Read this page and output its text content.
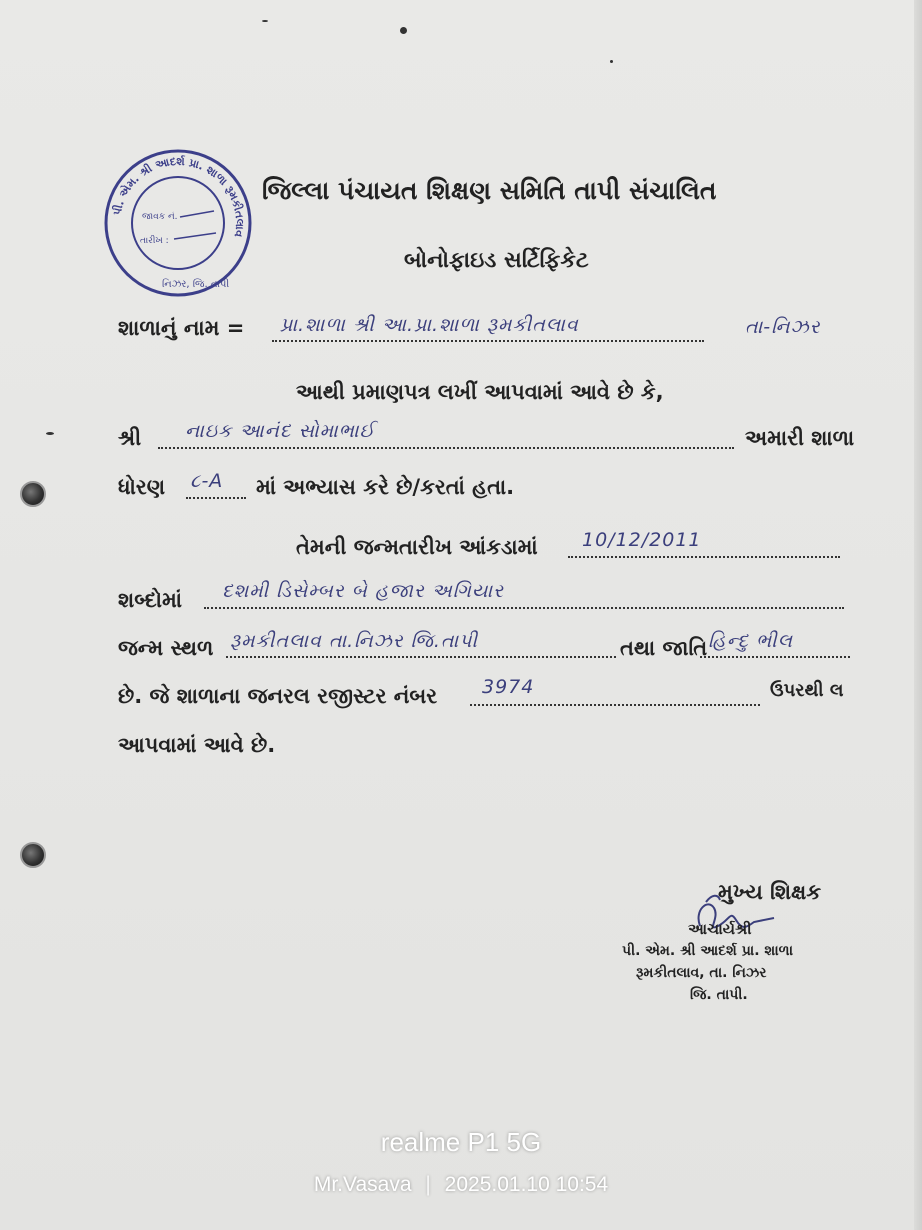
પી. એમ. શ્રી આદર્શ પ્રા. શાળા રૂમકીતલાવ
જાવક નં.
તારીખ :
નિઝર, જિ. તાપી
જિલ્લા પંચાયત શિક્ષણ સમિતિ તાપી સંચાલિત
બોનોફાઇડ સર્ટિફિકેટ
શાળાનું નામ = પ્રા.શાળા શ્રી આ.પ્રા.શાળા રૂમકીતલાવ	તા-નિઝર
આથી પ્રમાણપત્ર લખીં આપવામાં આવે છે કે,
શ્રી નાઇક આનંદ સોમાભાઈ	અમારી શાળા
ધોરણ ૮-A માં અભ્યાસ કરે છે/કરતાં હતા.
તેમની જન્મતારીખ આંકડામાં 10/12/2011
શબ્દોમાં દશમી ડિસેમ્બર બે હજાર અગિયાર
જન્મ સ્થળ રૂમકીતલાવ તા.નિઝર જિ.તાપી	તથા જાતિ હિન્દુ ભીલ
છે. જે શાળાના જનરલ રજીસ્ટર નંબર 3974	ઉપરથી લ
આપવામાં આવે છે.
મુખ્ય શિક્ષક
આચાર્યશ્રી
પી. એમ. શ્રી આદર્શ પ્રા. શાળા
રૂમકીતલાવ, તા. નિઝર
જિ. તાપી.
realme P1 5G
Mr.Vasava | 2025.01.10 10:54
